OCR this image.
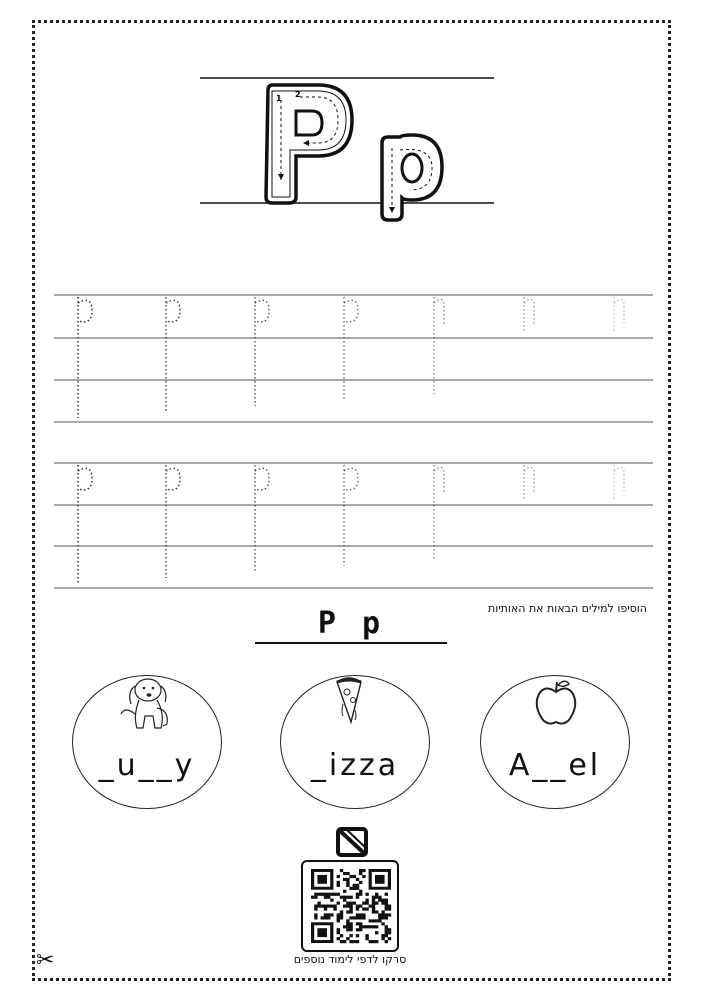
1 2
הוסיפו למילים הבאות את האותיות
P p
_u__y	_izza	A__el
סרקו לדפי לימוד נוספים
✂
